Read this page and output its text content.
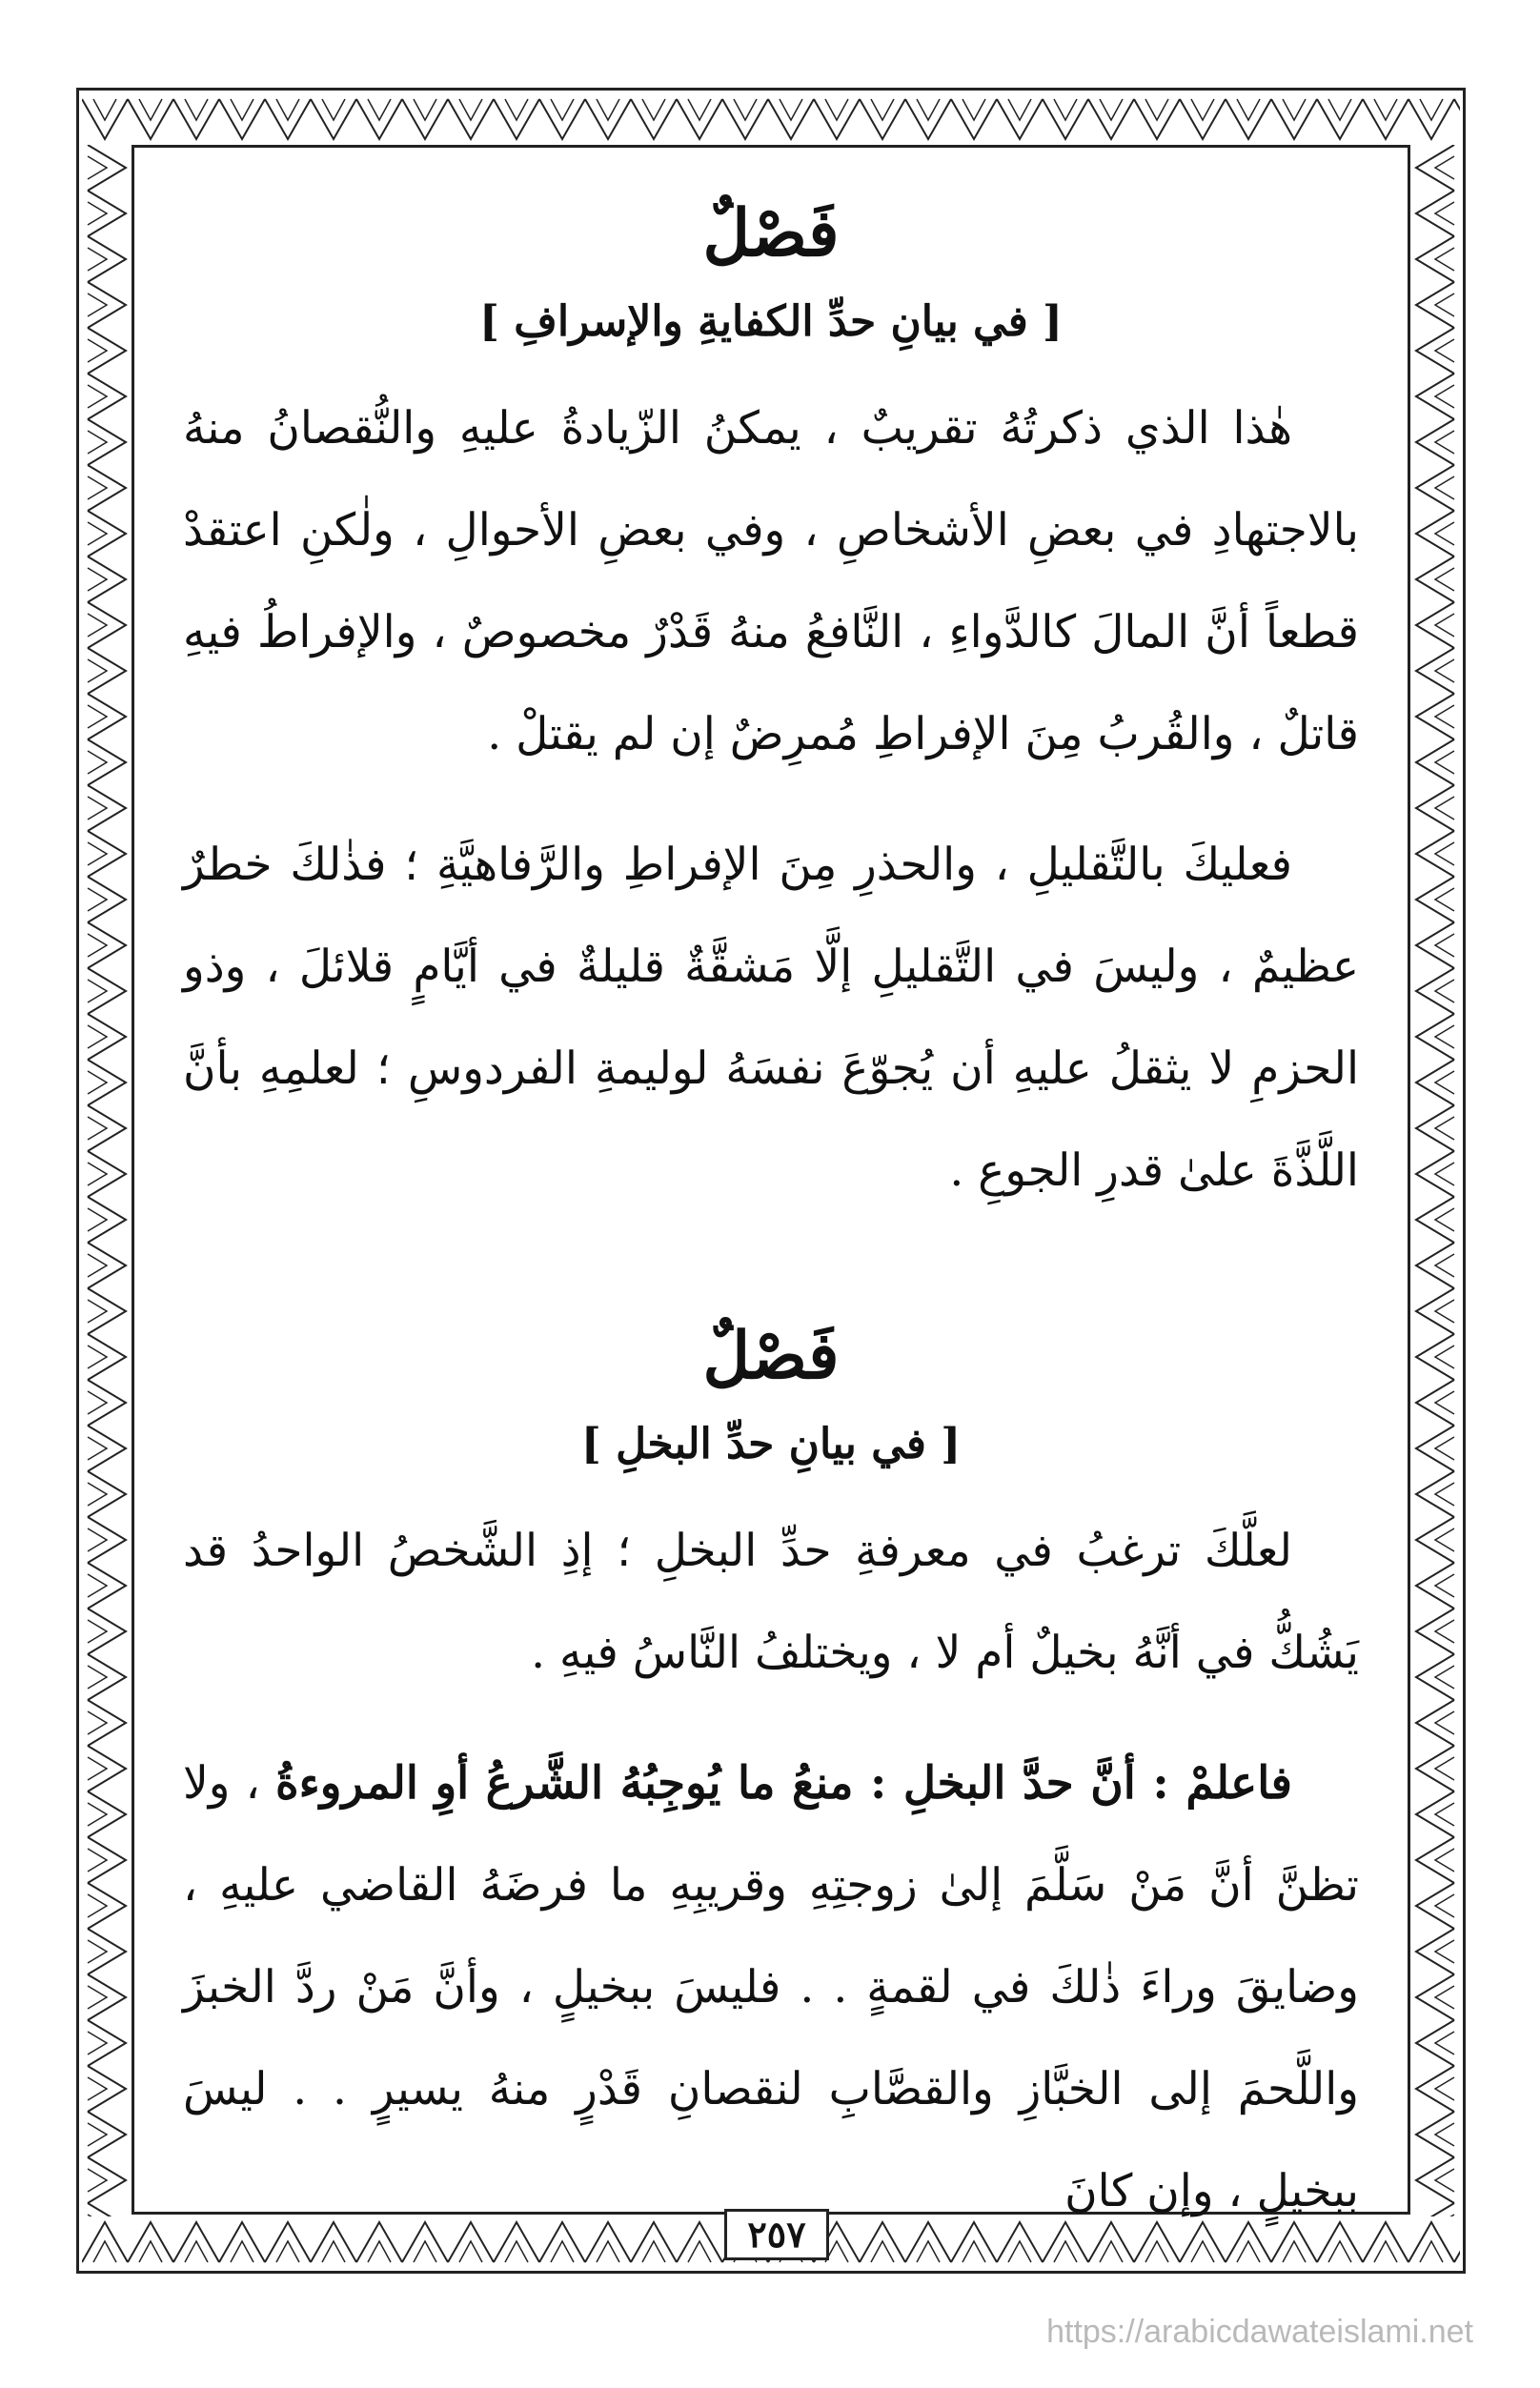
فَصْلٌ
[ في بيانِ حدِّ الكفايةِ والإسرافِ ]

هٰذا الذي ذكرتُهُ تقريبٌ ، يمكنُ الزّيادةُ عليهِ والنُّقصانُ منهُ بالاجتهادِ في بعضِ الأشخاصِ ، وفي بعضِ الأحوالِ ، ولٰكنِ اعتقدْ قطعاً أنَّ المالَ كالدَّواءِ ، النَّافعُ منهُ قَدْرٌ مخصوصٌ ، والإفراطُ فيهِ قاتلٌ ، والقُربُ مِنَ الإفراطِ مُمرِضٌ إن لم يقتلْ .

فعليكَ بالتَّقليلِ ، والحذرِ مِنَ الإفراطِ والرَّفاهيَّةِ ؛ فذٰلكَ خطرٌ عظيمٌ ، وليسَ في التَّقليلِ إلَّا مَشقَّةٌ قليلةٌ في أيَّامٍ قلائلَ ، وذو الحزمِ لا يثقلُ عليهِ أن يُجوّعَ نفسَهُ لوليمةِ الفردوسِ ؛ لعلمِهِ بأنَّ اللَّذَّةَ علىٰ قدرِ الجوعِ .

فَصْلٌ
[ في بيانِ حدِّ البخلِ ]

لعلَّكَ ترغبُ في معرفةِ حدِّ البخلِ ؛ إذِ الشَّخصُ الواحدُ قد يَشُكُّ في أنَّهُ بخيلٌ أم لا ، ويختلفُ النَّاسُ فيهِ .

فاعلمْ : أنَّ حدَّ البخلِ : منعُ ما يُوجِبُهُ الشَّرعُ أوِ المروءةُ ، ولا تظنَّ أنَّ مَنْ سَلَّمَ إلىٰ زوجتِهِ وقريبِهِ ما فرضَهُ القاضي عليهِ ، وضايقَ وراءَ ذٰلكَ في لقمةٍ . . فليسَ ببخيلٍ ، وأنَّ مَنْ ردَّ الخبزَ واللَّحمَ إلى الخبَّازِ والقصَّابِ لنقصانِ قَدْرٍ منهُ يسيرٍ . . ليسَ ببخيلٍ ، وإن كانَ

٢٥٧
https://arabicdawateislami.net
